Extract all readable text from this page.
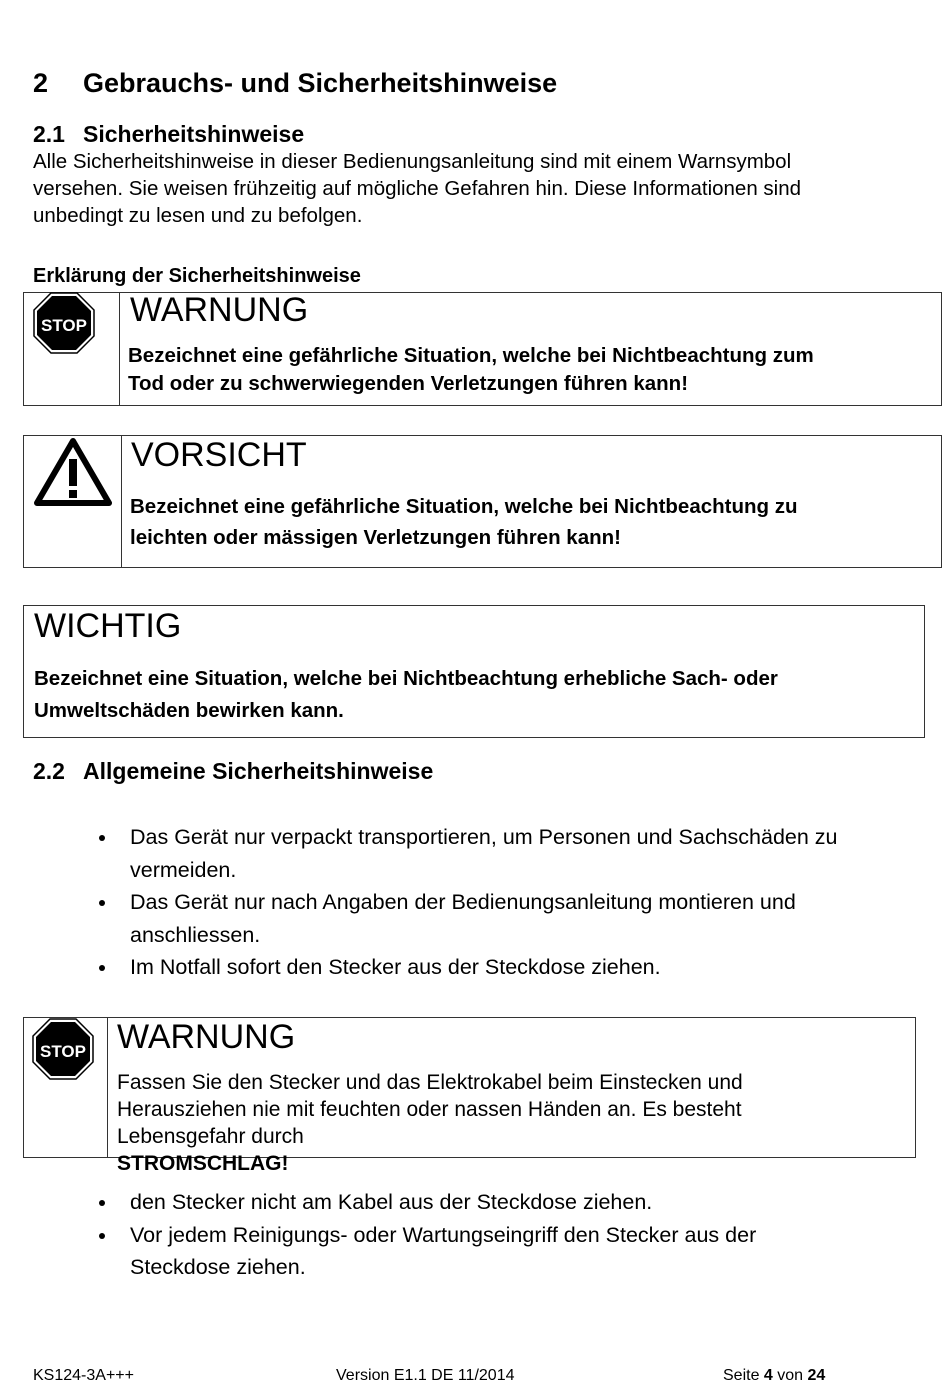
2 Gebrauchs- und Sicherheitshinweise
2.1 Sicherheitshinweise

Alle Sicherheitshinweise in dieser Bedienungsanleitung sind mit einem Warnsymbol
versehen. Sie weisen frühzeitig auf mögliche Gefahren hin. Diese Informationen sind
unbedingt zu lesen und zu befolgen.

Erklärung der Sicherheitshinweise

STOP WARNUNG

Bezeichnet eine gefährliche Situation, welche bei Nichtbeachtung zum
Tod oder zu schwerwiegenden Verletzungen führen kann!

VORSICHT

Bezeichnet eine gefährliche Situation, welche bei Nichtbeachtung zu
leichten oder mässigen Verletzungen führen kann!

WICHTIG

Bezeichnet eine Situation, welche bei Nichtbeachtung erhebliche Sach- oder
Umweltschäden bewirken kann.

2.2 Allgemeine Sicherheitshinweise
Das Gerät nur verpackt transportieren, um Personen und Sachschäden zu
vermeiden.
Das Gerät nur nach Angaben der Bedienungsanleitung montieren und
anschliessen.
Im Notfall sofort den Stecker aus der Steckdose ziehen.
STOP WARNUNG

Fassen Sie den Stecker und das Elektrokabel beim Einstecken und
Herausziehen nie mit feuchten oder nassen Händen an. Es besteht
Lebensgefahr durch
STROMSCHLAG!

den Stecker nicht am Kabel aus der Steckdose ziehen.
Vor jedem Reinigungs- oder Wartungseingriff den Stecker aus der
Steckdose ziehen.
KS124-3A+++	Version E1.1 DE 11/2014	Seite 4 von 24
